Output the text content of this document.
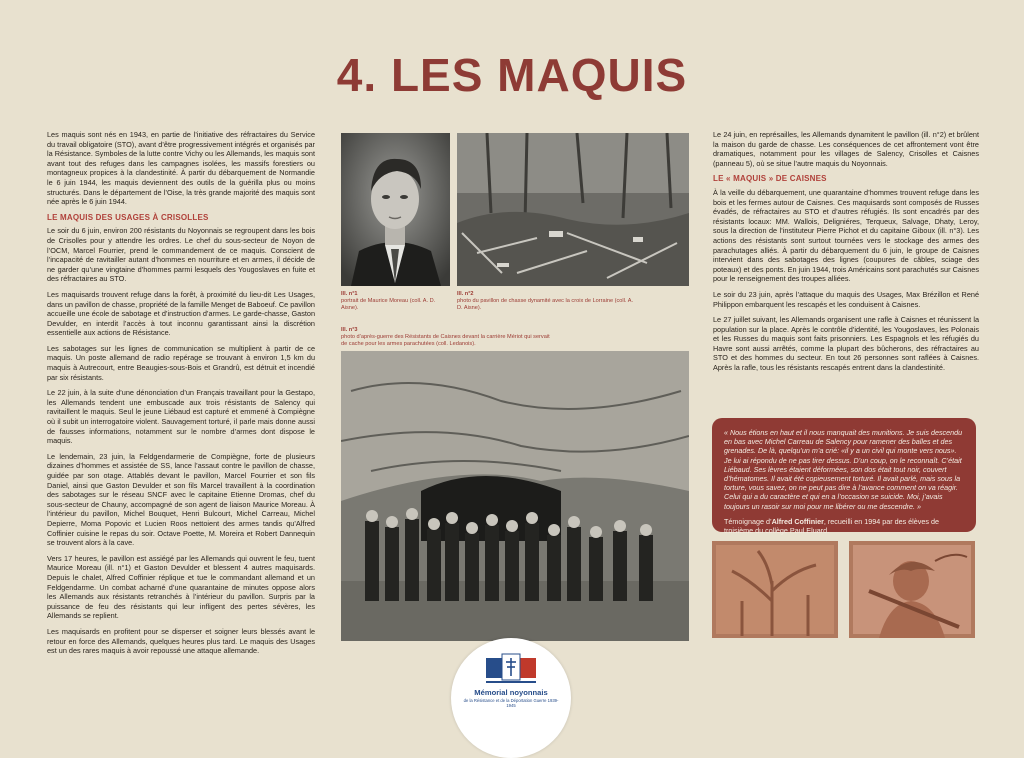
4. LES MAQUIS

Les maquis sont nés en 1943, en partie de l’initiative des réfractaires du Service du travail obligatoire (STO), avant d’être progressivement intégrés et organisés par la Résistance. Symboles de la lutte contre Vichy ou les Allemands, les maquis sont avant tout des refuges dans les campagnes isolées, les massifs forestiers ou montagneux propices à la clandestinité. À partir du débarquement de Normandie le 6 juin 1944, les maquis deviennent des outils de la guérilla plus ou moins structurés. Dans le département de l’Oise, la très grande majorité des maquis sont née après le 6 juin 1944.

LE MAQUIS DES USAGES À CRISOLLES

Le soir du 6 juin, environ 200 résistants du Noyonnais se regroupent dans les bois de Crisolles pour y attendre les ordres. Le chef du sous-secteur de Noyon de l’OCM, Marcel Fourrier, prend le commandement de ce maquis. Conscient de l’incapacité de ravitailler autant d’hommes en nourriture et en armes, il décide de ne garder qu’une vingtaine d’hommes parmi lesquels des Yougoslaves en fuite et des réfractaires au STO.

Les maquisards trouvent refuge dans la forêt, à proximité du lieu-dit Les Usages, dans un pavillon de chasse, propriété de la famille Menget de Baboeuf. Ce pavillon accueille une école de sabotage et d’instruction d’armes. Le garde-chasse, Gaston Devulder, en interdit l’accès à tout inconnu garantissant ainsi la discrétion essentielle aux actions de Résistance.

Les sabotages sur les lignes de communication se multiplient à partir de ce maquis. Un poste allemand de radio repérage se trouvant à environ 1,5 km du maquis à Autrecourt, entre Beaugies-sous-Bois et Grandrû, est détruit et incendié par six résistants.

Le 22 juin, à la suite d’une dénonciation d’un Français travaillant pour la Gestapo, les Allemands tendent une embuscade aux trois résistants de Salency qui ravitaillent le maquis. Seul le jeune Liébaud est capturé et emmené à Compiègne où il subit un interrogatoire violent. Sauvagement torturé, il parle mais donne aussi de fausses informations, notamment sur le nombre d’armes dont dispose le maquis.

Le lendemain, 23 juin, la Feldgendarmerie de Compiègne, forte de plusieurs dizaines d’hommes et assistée de SS, lance l’assaut contre le pavillon de chasse, guidée par son otage. Attablés devant le pavillon, Marcel Fourrier et son fils Daniel, ainsi que Gaston Devulder et son fils Marcel travaillent à la coordination des sabotages sur le réseau SNCF avec le capitaine Etienne Dromas, chef du sous-secteur de Chauny, accompagné de son agent de liaison Maurice Moreau. À l’intérieur du pavillon, Michel Bouquet, Henri Bulcourt, Michel Carreau, Michel Depierre, Moma Popovic et Lucien Roos nettoient des armes tandis qu’Alfred Coffinier cuisine le repas du soir. Octave Poette, M. Moreira et Robert Dannequin se trouvent alors à la cave.

Vers 17 heures, le pavillon est assiégé par les Allemands qui ouvrent le feu, tuent Maurice Moreau (ill. n°1) et Gaston Devulder et blessent 4 autres maquisards. Depuis le chalet, Alfred Coffinier réplique et tue le commandant allemand et un Feldgendarme. Un combat acharné d’une quarantaine de minutes oppose alors les Allemands aux résistants retranchés à l’intérieur du pavillon. Surpris par la puissance de feu des résistants qui leur infligent des pertes sévères, les Allemands se replient.

Les maquisards en profitent pour se disperser et soigner leurs blessés avant le retour en force des Allemands, quelques heures plus tard. Le maquis des Usages est un des rares maquis à avoir repoussé une attaque allemande.

Ill. n°1
portrait de Maurice Moreau (coll. A. D. Aisne).
Ill. n°2
photo du pavillon de chasse dynamité avec la croix de Lorraine (coll. A. D. Aisne).
Ill. n°3
photo d’après-guerre des Résistants de Caisnes devant la carrière Mériot qui servait de cache pour les armes parachutées (coll. Ledanois).

Le 24 juin, en représailles, les Allemands dynamitent le pavillon (ill. n°2) et brûlent la maison du garde de chasse. Les conséquences de cet affrontement vont être dramatiques, notamment pour les villages de Salency, Crisolles et Caisnes (panneau 5), où se situe l’autre maquis du Noyonnais.

LE « MAQUIS » DE CAISNES

À la veille du débarquement, une quarantaine d’hommes trouvent refuge dans les bois et les fermes autour de Caisnes. Ces maquisards sont composés de Russes évadés, de réfractaires au STO et d’autres réfugiés. Ils sont encadrés par des résistants locaux: MM. Wallois, Deligniéres, Terqueux, Salvage, Dhaty, Leroy, sous la direction de l’instituteur Pierre Pichot et du capitaine Giboux (ill. n°3). Les actions des résistants sont surtout tournées vers le stockage des armes des parachutages alliés. À partir du débarquement du 6 juin, le groupe de Caisnes intervient dans des sabotages des lignes (coupures de câbles, sciage des poteaux) et des ponts. En juin 1944, trois Américains sont parachutés sur Caisnes pour le renseignement des troupes alliées.

Le soir du 23 juin, après l’attaque du maquis des Usages, Max Brézillon et René Philippon embarquent les rescapés et les conduisent à Caisnes.

Le 27 juillet suivant, les Allemands organisent une rafle à Caisnes et réunissent la population sur la place. Après le contrôle d’identité, les Yougoslaves, les Polonais et les Russes du maquis sont faits prisonniers. Les Espagnols et les réfugiés du Havre sont aussi arrêtés, comme la plupart des bûcherons, des réfractaires au STO et des hommes du secteur. En tout 26 personnes sont raflées à Caisnes. Après la rafle, tous les résistants rescapés entrent dans la clandestinité.

« Nous étions en haut et il nous manquait des munitions. Je suis descendu en bas avec Michel Carreau de Salency pour ramener des balles et des grenades. De là, quelqu’un m’a crié: «il y a un civil qui monte vers nous». Je lui ai répondu de ne pas tirer dessus. D’un coup, on le reconnaît. C’était Liébaud. Ses lèvres étaient déformées, son dos était tout noir, couvert d’hématomes. Il avait été copieusement torturé. Il avait parlé, mais sous la torture, vous savez, on ne peut pas dire à l’avance comment on va réagir. Celui qui a du caractère et qui en a l’occasion se suicide. Moi, j’avais toujours un rasoir sur moi pour me libérer ou me descendre. »

Témoignage d’Alfred Coffinier, recueilli en 1994 par des élèves de troisième du collège Paul Eluard.

Mémorial noyonnais
de la Résistance et de la Déportation Guerre 1939-1945
